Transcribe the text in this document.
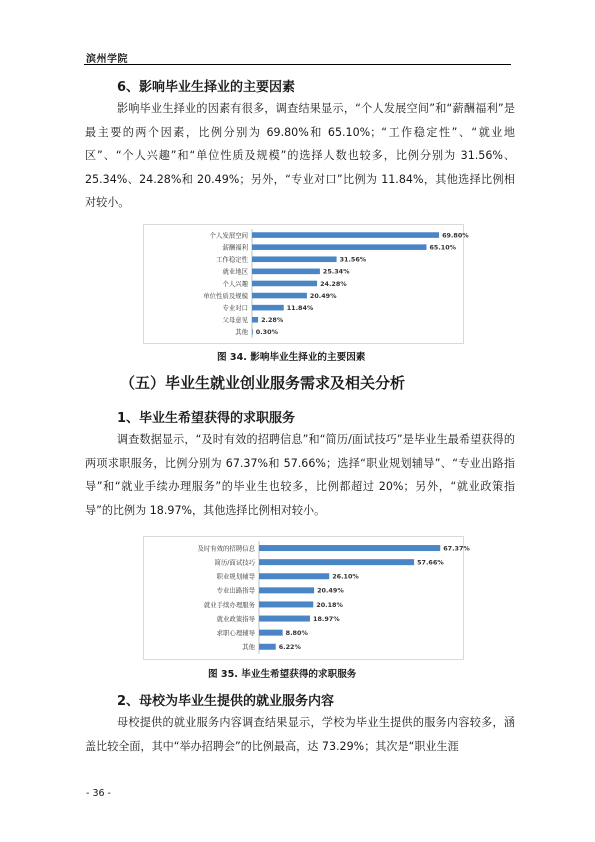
滨州学院
6、影响毕业生择业的主要因素
影响毕业生择业的因素有很多，调查结果显示，“个人发展空间”和“薪酬福利”是最主要的两个因素，比例分别为 69.80%和 65.10%；“工作稳定性”、“就业地区”、“个人兴趣”和“单位性质及规模”的选择人数也较多，比例分别为 31.56%、25.34%、24.28%和 20.49%；另外，“专业对口”比例为 11.84%，其他选择比例相对较小。
个人发展空间	69.80%
薪酬福利	65.10%
工作稳定性	31.56%
就业地区	25.34%
个人兴趣	24.28%
单位性质及规模	20.49%
专业对口	11.84%
父母意见 2.28%
其他 0.30%
图 34. 影响毕业生择业的主要因素
（五）毕业生就业创业服务需求及相关分析
1、毕业生希望获得的求职服务
调查数据显示，“及时有效的招聘信息”和“简历/面试技巧”是毕业生最希望获得的两项求职服务，比例分别为 67.37%和 57.66%；选择“职业规划辅导”、“专业出路指导”和“就业手续办理服务”的毕业生也较多，比例都超过 20%；另外，“就业政策指导”的比例为 18.97%，其他选择比例相对较小。
及时有效的招聘信息	67.37%
简历/面试技巧	57.66%
职业规划辅导	26.10%
专业出路指导	20.49%
就业手续办理服务	20.18%
就业政策指导	18.97%
求职心理辅导	8.80%
其他	6.22%
图 35. 毕业生希望获得的求职服务
2、母校为毕业生提供的就业服务内容
母校提供的就业服务内容调查结果显示，学校为毕业生提供的服务内容较多，涵盖比较全面，其中“举办招聘会”的比例最高，达 73.29%；其次是“职业生涯
- 36 -
